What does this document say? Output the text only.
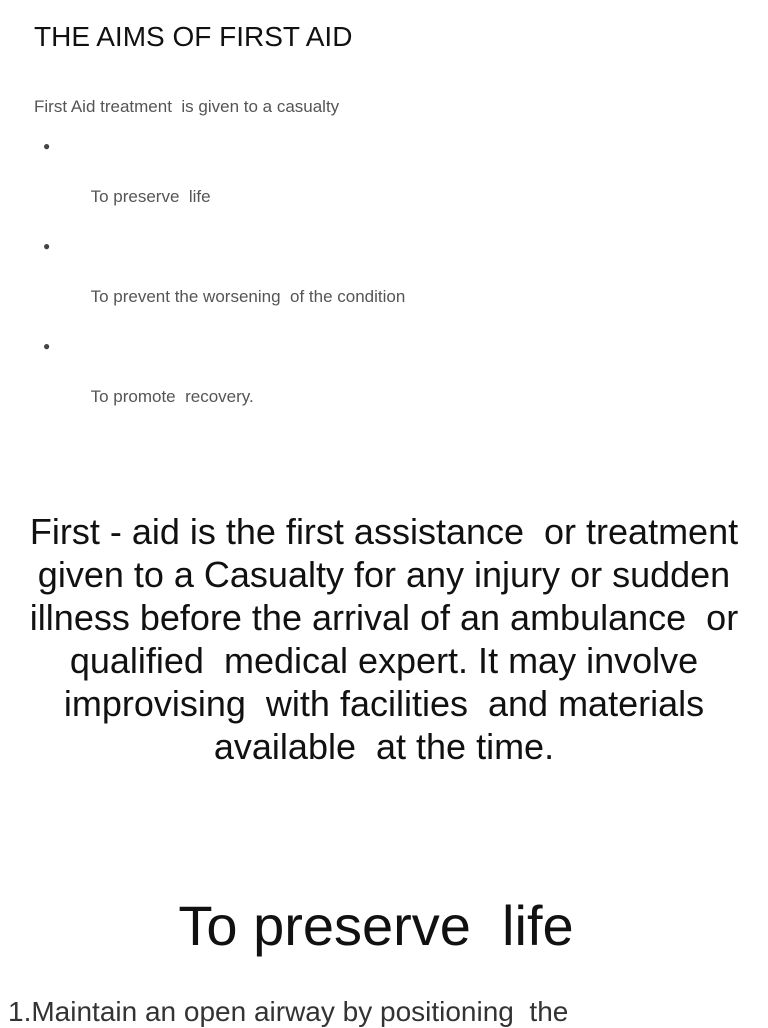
THE AIMS OF FIRST AID
First Aid treatment  is given to a casualty

●

To preserve  life

●

To prevent the worsening  of the condition

●

To promote  recovery.

First - aid is the first assistance  or treatment  given to a Casualty for any injury or sudden illness before the arrival of an ambulance  or qualified  medical expert. It may involve improvising  with facilities  and materials  available  at the time.

To preserve  life
1.Maintain an open airway by positioning  the
